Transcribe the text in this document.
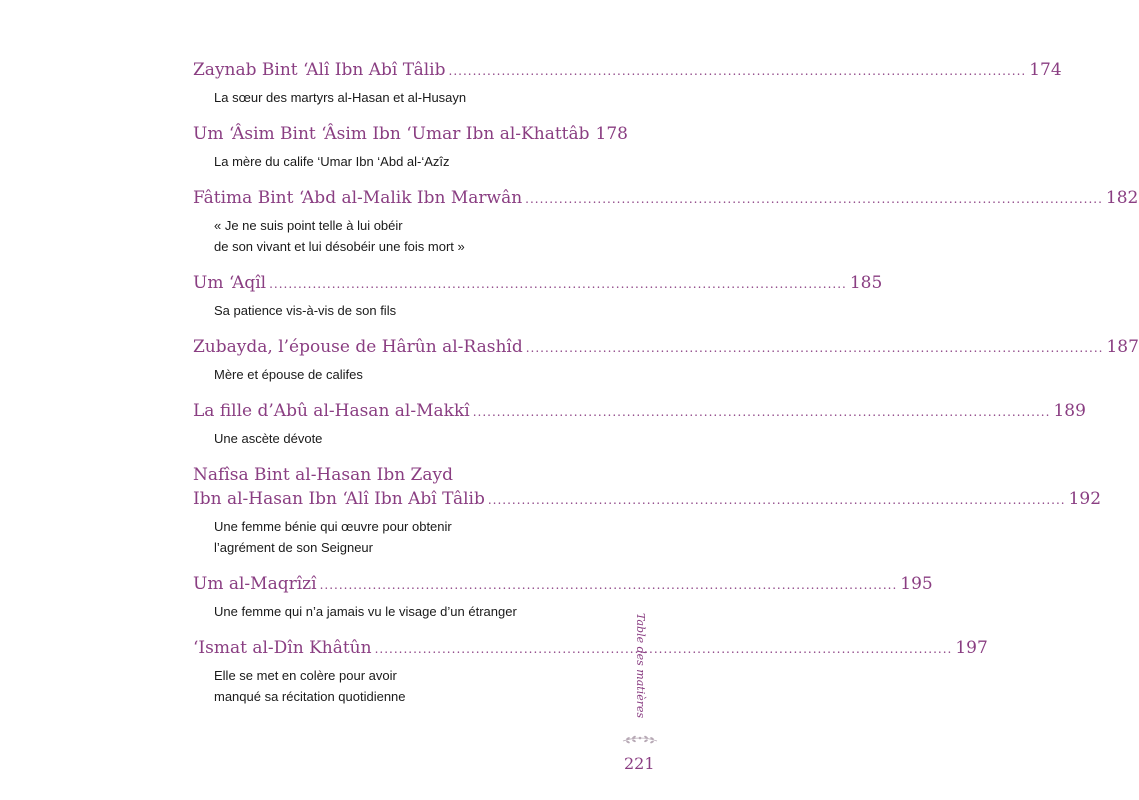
Zaynab Bint ‘Alî Ibn Abî Tâlib ........................................................................................................................ 174
La sœur des martyrs al-Hasan et al-Husayn
Um ‘Âsim Bint ‘Âsim Ibn ‘Umar Ibn al-Khattâb 178
La mère du calife ‘Umar Ibn ‘Abd al-‘Azîz
Fâtima Bint ‘Abd al-Malik Ibn Marwân ........................................................................................................................ 182
« Je ne suis point telle à lui obéir
de son vivant et lui désobéir une fois mort »
Um ‘Aqîl ........................................................................................................................ 185
Sa patience vis-à-vis de son fils
Zubayda, l’épouse de Hârûn al-Rashîd ........................................................................................................................ 187
Mère et épouse de califes
La fille d’Abû al-Hasan al-Makkî ........................................................................................................................ 189
Une ascète dévote
Nafîsa Bint al-Hasan Ibn Zayd
Ibn al-Hasan Ibn ‘Alî Ibn Abî Tâlib ........................................................................................................................ 192
Une femme bénie qui œuvre pour obtenir
l’agrément de son Seigneur
Um al-Maqrîzî ........................................................................................................................ 195
Une femme qui n’a jamais vu le visage d’un étranger
‘Ismat al-Dîn Khâtûn ........................................................................................................................ 197
Elle se met en colère pour avoir
manqué sa récitation quotidienne	Table des matières
221
